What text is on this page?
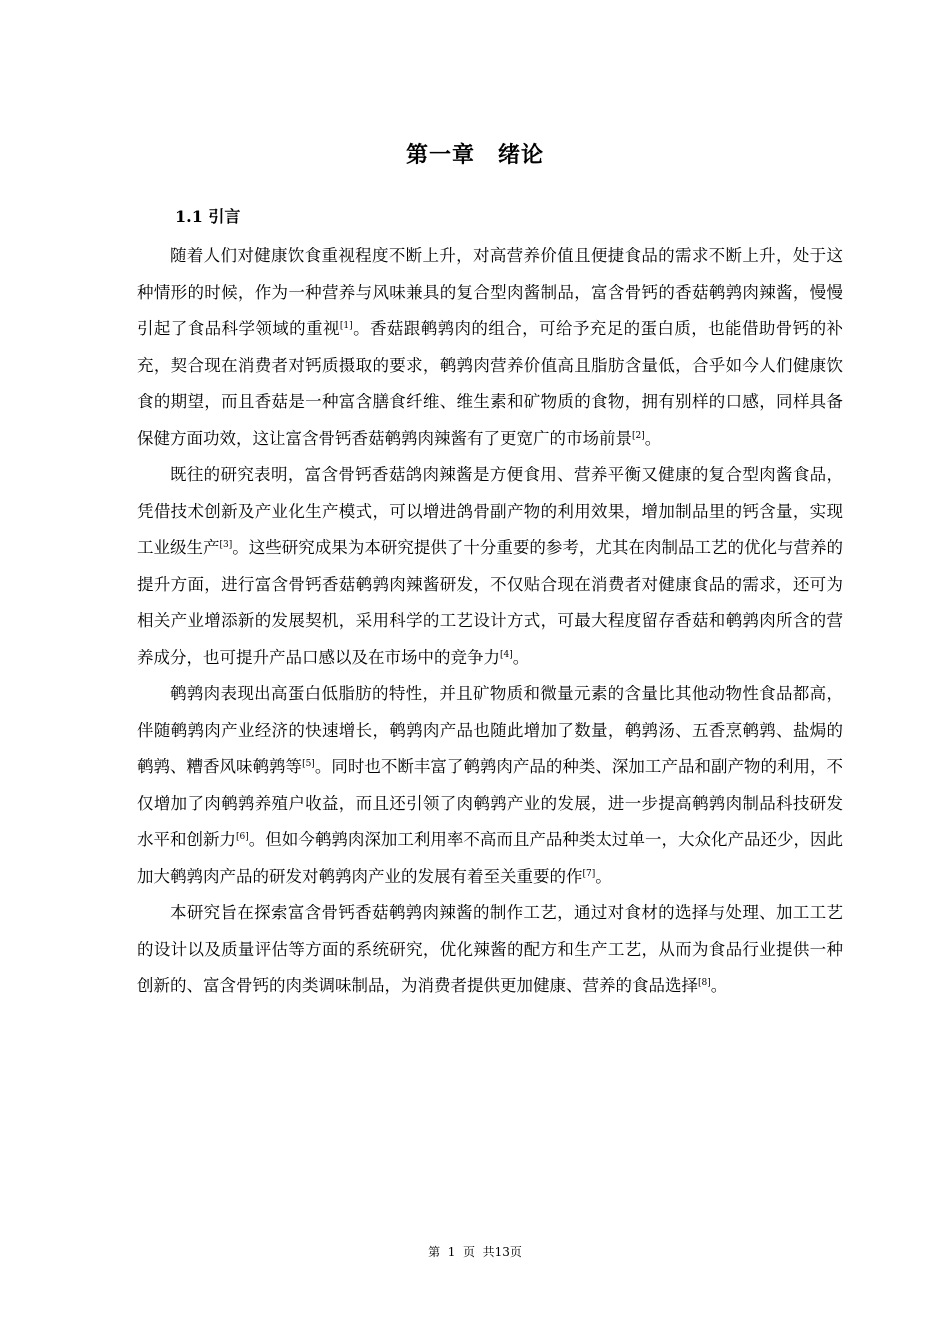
第一章　绪论
1.1 引言

随着人们对健康饮食重视程度不断上升，对高营养价值且便捷食品的需求不断上升，处于这种情形的时候，作为一种营养与风味兼具的复合型肉酱制品，富含骨钙的香菇鹌鹑肉辣酱，慢慢引起了食品科学领域的重视[1]。香菇跟鹌鹑肉的组合，可给予充足的蛋白质，也能借助骨钙的补充，契合现在消费者对钙质摄取的要求，鹌鹑肉营养价值高且脂肪含量低，合乎如今人们健康饮食的期望，而且香菇是一种富含膳食纤维、维生素和矿物质的食物，拥有别样的口感，同样具备保健方面功效，这让富含骨钙香菇鹌鹑肉辣酱有了更宽广的市场前景[2]。

既往的研究表明，富含骨钙香菇鸽肉辣酱是方便食用、营养平衡又健康的复合型肉酱食品，凭借技术创新及产业化生产模式，可以增进鸽骨副产物的利用效果，增加制品里的钙含量，实现工业级生产[3]。这些研究成果为本研究提供了十分重要的参考，尤其在肉制品工艺的优化与营养的提升方面，进行富含骨钙香菇鹌鹑肉辣酱研发，不仅贴合现在消费者对健康食品的需求，还可为相关产业增添新的发展契机，采用科学的工艺设计方式，可最大程度留存香菇和鹌鹑肉所含的营养成分，也可提升产品口感以及在市场中的竞争力[4]。

鹌鹑肉表现出高蛋白低脂肪的特性，并且矿物质和微量元素的含量比其他动物性食品都高，伴随鹌鹑肉产业经济的快速增长，鹌鹑肉产品也随此增加了数量，鹌鹑汤、五香烹鹌鹑、盐焗的鹌鹑、糟香风味鹌鹑等[5]。同时也不断丰富了鹌鹑肉产品的种类、深加工产品和副产物的利用，不仅增加了肉鹌鹑养殖户收益，而且还引领了肉鹌鹑产业的发展，进一步提高鹌鹑肉制品科技研发水平和创新力[6]。但如今鹌鹑肉深加工利用率不高而且产品种类太过单一，大众化产品还少，因此加大鹌鹑肉产品的研发对鹌鹑肉产业的发展有着至关重要的作[7]。

本研究旨在探索富含骨钙香菇鹌鹑肉辣酱的制作工艺，通过对食材的选择与处理、加工工艺的设计以及质量评估等方面的系统研究，优化辣酱的配方和生产工艺，从而为食品行业提供一种创新的、富含骨钙的肉类调味制品，为消费者提供更加健康、营养的食品选择[8]。

第  1  页  共13页
